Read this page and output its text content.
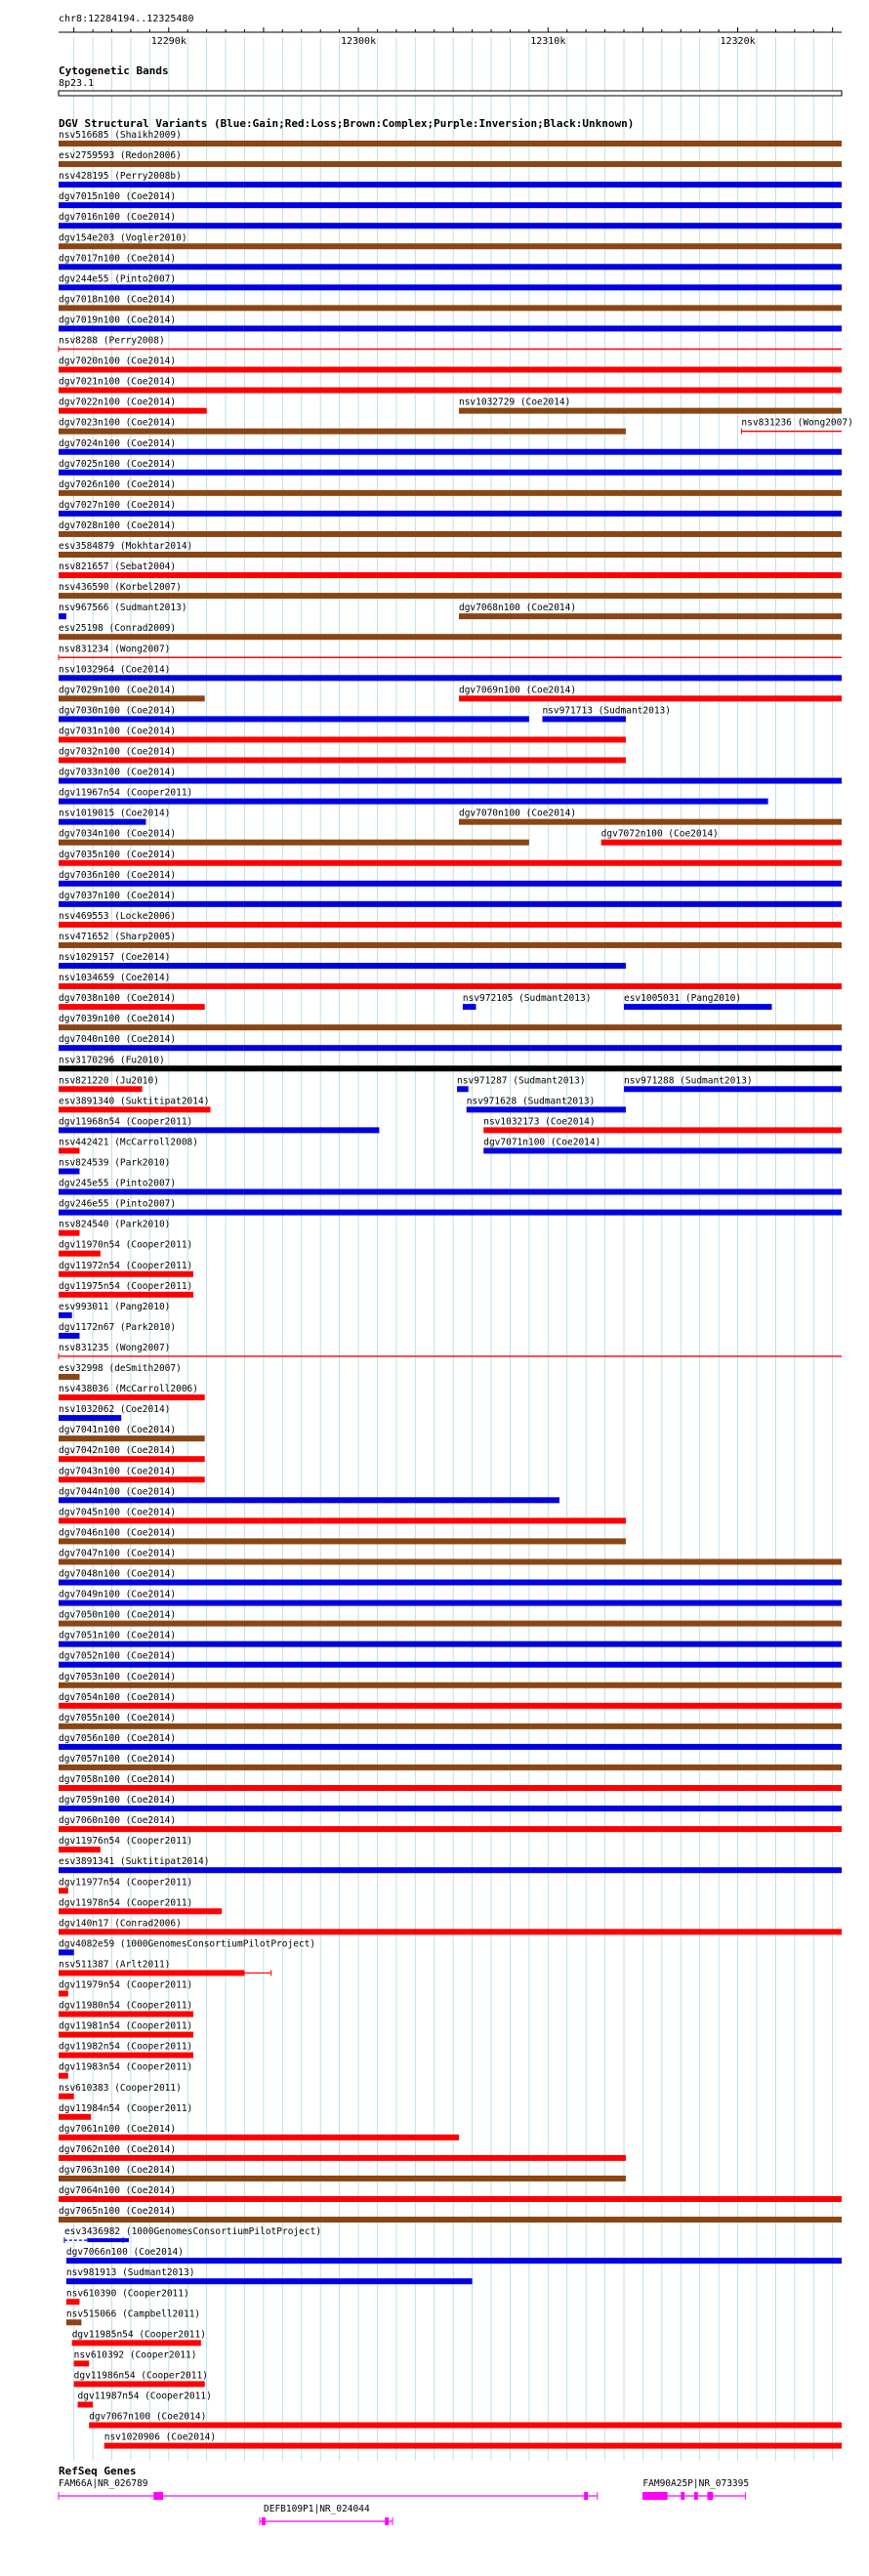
chr8:12284194..12325480
12290k	12300k	12310k	12320k
Cytogenetic Bands
8p23.1
DGV Structural Variants (Blue:Gain;Red:Loss;Brown:Complex;Purple:Inversion;Black:Unknown)
nsv516685 (Shaikh2009)
esv2759593 (Redon2006)
nsv428195 (Perry2008b)
dgv7015n100 (Coe2014)
dgv7016n100 (Coe2014)
dgv154e203 (Vogler2010)
dgv7017n100 (Coe2014)
dgv244e55 (Pinto2007)
dgv7018n100 (Coe2014)
dgv7019n100 (Coe2014)
nsv8288 (Perry2008)
dgv7020n100 (Coe2014)
dgv7021n100 (Coe2014)
dgv7022n100 (Coe2014)	nsv1032729 (Coe2014)
dgv7023n100 (Coe2014)	nsv831236 (Wong2007)
dgv7024n100 (Coe2014)
dgv7025n100 (Coe2014)
dgv7026n100 (Coe2014)
dgv7027n100 (Coe2014)
dgv7028n100 (Coe2014)
esv3584879 (Mokhtar2014)
nsv821657 (Sebat2004)
nsv436590 (Korbel2007)
nsv967566 (Sudmant2013)	dgv7068n100 (Coe2014)
esv25198 (Conrad2009)
nsv831234 (Wong2007)
nsv1032964 (Coe2014)
dgv7029n100 (Coe2014)	dgv7069n100 (Coe2014)
dgv7030n100 (Coe2014)	nsv971713 (Sudmant2013)
dgv7031n100 (Coe2014)
dgv7032n100 (Coe2014)
dgv7033n100 (Coe2014)
dgv11967n54 (Cooper2011)
nsv1019015 (Coe2014)	dgv7070n100 (Coe2014)
dgv7034n100 (Coe2014)	dgv7072n100 (Coe2014)
dgv7035n100 (Coe2014)
dgv7036n100 (Coe2014)
dgv7037n100 (Coe2014)
nsv469553 (Locke2006)
nsv471652 (Sharp2005)
nsv1029157 (Coe2014)
nsv1034659 (Coe2014)
dgv7038n100 (Coe2014)	nsv972105 (Sudmant2013)	esv1005031 (Pang2010)
dgv7039n100 (Coe2014)
dgv7040n100 (Coe2014)
nsv3170296 (Fu2010)
nsv821220 (Ju2010)	nsv971287 (Sudmant2013)	nsv971288 (Sudmant2013)
esv3891340 (Suktitipat2014)	nsv971628 (Sudmant2013)
dgv11968n54 (Cooper2011)	nsv1032173 (Coe2014)
nsv442421 (McCarroll2008)	dgv7071n100 (Coe2014)
nsv824539 (Park2010)
dgv245e55 (Pinto2007)
dgv246e55 (Pinto2007)
nsv824540 (Park2010)
dgv11970n54 (Cooper2011)
dgv11972n54 (Cooper2011)
dgv11975n54 (Cooper2011)
esv993011 (Pang2010)
dgv1172n67 (Park2010)
nsv831235 (Wong2007)
esv32998 (deSmith2007)
nsv438036 (McCarroll2006)
nsv1032062 (Coe2014)
dgv7041n100 (Coe2014)
dgv7042n100 (Coe2014)
dgv7043n100 (Coe2014)
dgv7044n100 (Coe2014)
dgv7045n100 (Coe2014)
dgv7046n100 (Coe2014)
dgv7047n100 (Coe2014)
dgv7048n100 (Coe2014)
dgv7049n100 (Coe2014)
dgv7050n100 (Coe2014)
dgv7051n100 (Coe2014)
dgv7052n100 (Coe2014)
dgv7053n100 (Coe2014)
dgv7054n100 (Coe2014)
dgv7055n100 (Coe2014)
dgv7056n100 (Coe2014)
dgv7057n100 (Coe2014)
dgv7058n100 (Coe2014)
dgv7059n100 (Coe2014)
dgv7060n100 (Coe2014)
dgv11976n54 (Cooper2011)
esv3891341 (Suktitipat2014)
dgv11977n54 (Cooper2011)
dgv11978n54 (Cooper2011)
dgv140n17 (Conrad2006)
dgv4082e59 (1000GenomesConsortiumPilotProject)
nsv511387 (Arlt2011)
dgv11979n54 (Cooper2011)
dgv11980n54 (Cooper2011)
dgv11981n54 (Cooper2011)
dgv11982n54 (Cooper2011)
dgv11983n54 (Cooper2011)
nsv610383 (Cooper2011)
dgv11984n54 (Cooper2011)
dgv7061n100 (Coe2014)
dgv7062n100 (Coe2014)
dgv7063n100 (Coe2014)
dgv7064n100 (Coe2014)
dgv7065n100 (Coe2014)
esv3436982 (1000GenomesConsortiumPilotProject)
dgv7066n100 (Coe2014)
nsv981913 (Sudmant2013)
nsv610390 (Cooper2011)
nsv515066 (Campbell2011)
dgv11985n54 (Cooper2011)
nsv610392 (Cooper2011)
dgv11986n54 (Cooper2011)
dgv11987n54 (Cooper2011)
dgv7067n100 (Coe2014)
nsv1020906 (Coe2014)
RefSeq Genes
FAM66A|NR_026789
DEFB109P1|NR_024044
FAM90A25P|NR_073395
